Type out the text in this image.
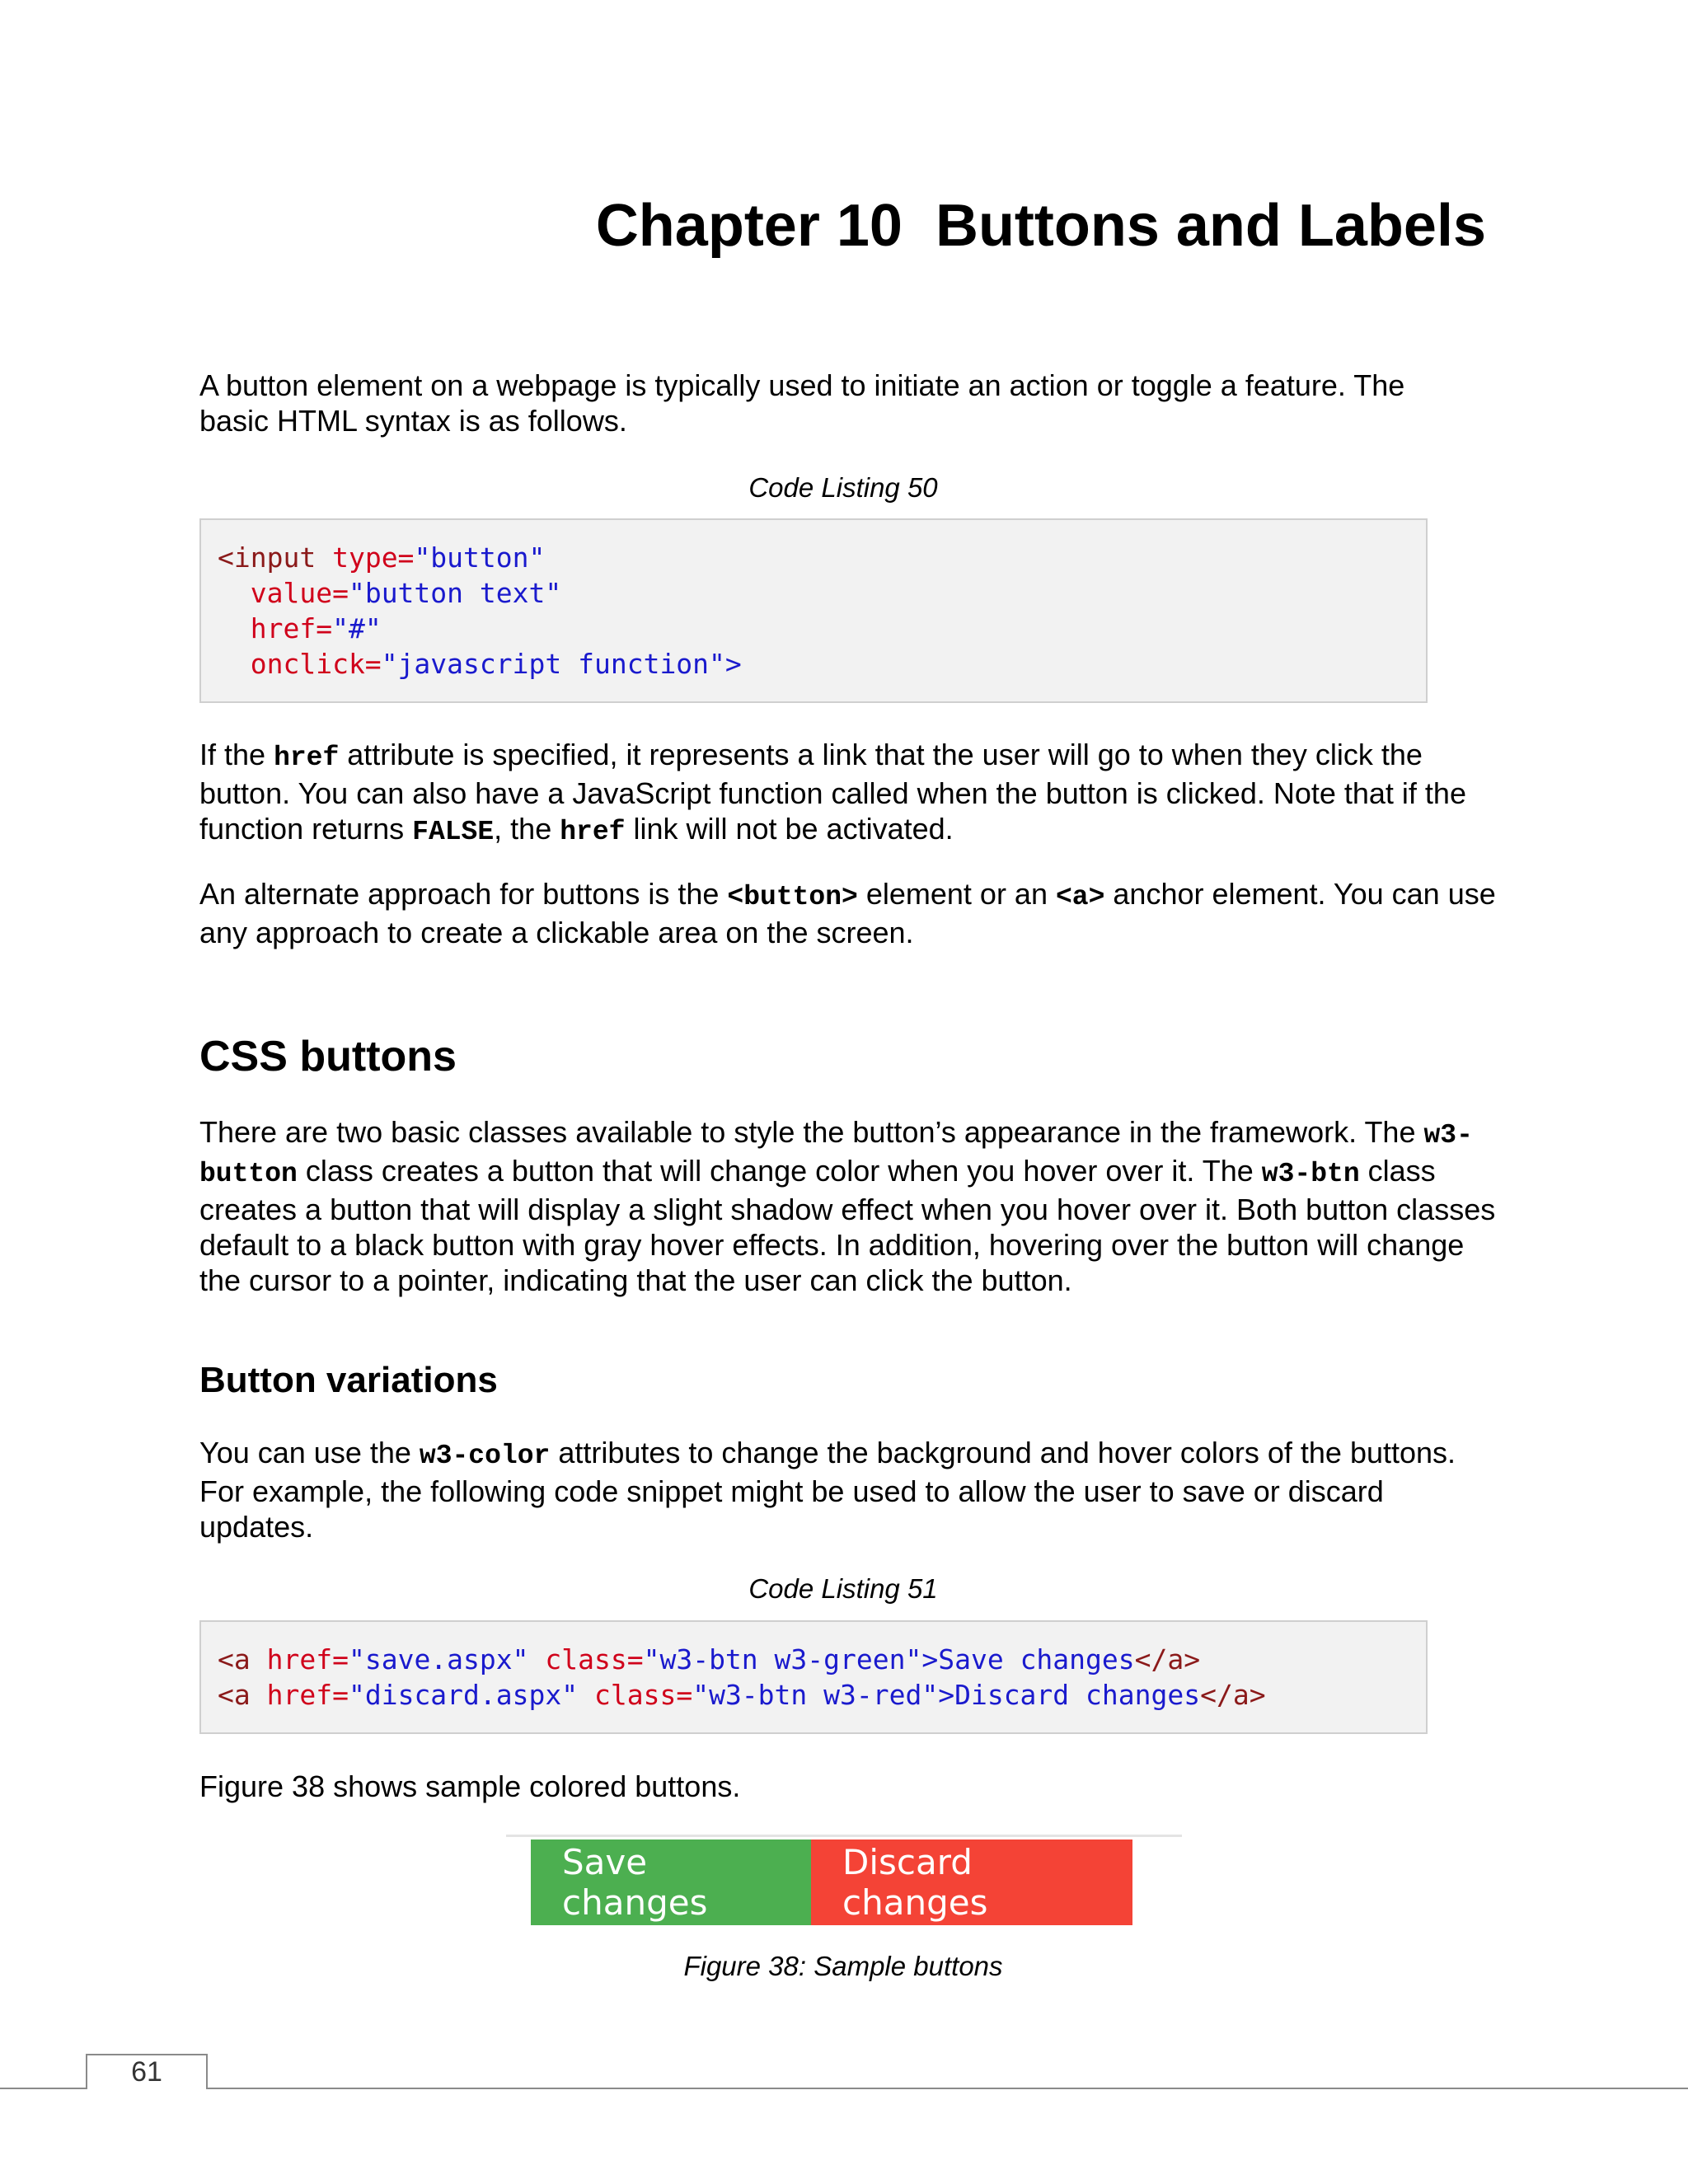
Chapter 10  Buttons and Labels

A button element on a webpage is typically used to initiate an action or toggle a feature. The
basic HTML syntax is as follows.

Code Listing 50
<input type="button"
value="button text"
href="#"
onclick="javascript function">

If the href attribute is specified, it represents a link that the user will go to when they click the button. You can also have a JavaScript function called when the button is clicked. Note that if the function returns FALSE, the href link will not be activated.

An alternate approach for buttons is the <button> element or an <a> anchor element. You can use any approach to create a clickable area on the screen.

CSS buttons

There are two basic classes available to style the button’s appearance in the framework. The w3-button class creates a button that will change color when you hover over it. The w3-btn class creates a button that will display a slight shadow effect when you hover over it. Both button classes default to a black button with gray hover effects. In addition, hovering over the button will change the cursor to a pointer, indicating that the user can click the button.

Button variations

You can use the w3-color attributes to change the background and hover colors of the buttons. For example, the following code snippet might be used to allow the user to save or discard updates.

Code Listing 51
<a href="save.aspx" class="w3-btn w3-green">Save changes</a>
<a href="discard.aspx" class="w3-btn w3-red">Discard changes</a>

Figure 38 shows sample colored buttons.

Save changes
Discard changes
Figure 38: Sample buttons
61
